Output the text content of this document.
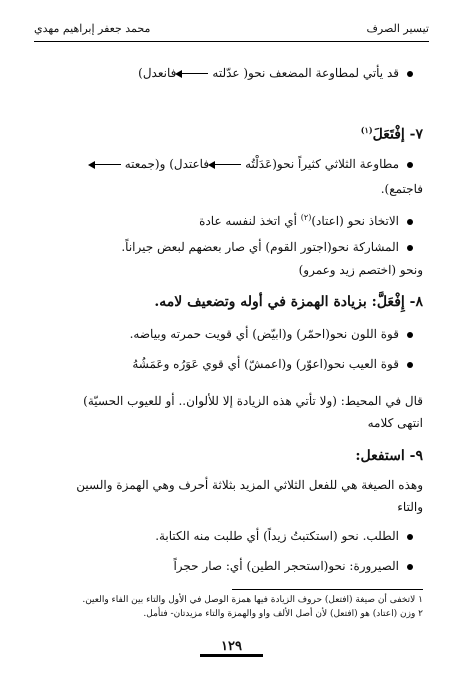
تيسير الصرف
محمد جعفر إبراهيم مهدي
قد يأتي لمطاوعة المضعف نحو( عدّلتهفانعدل)
٧- إفْتَعَلَ$^{(١)}$
مطاوعة الثلاثي كثيراً نحو(عَدَلْتُهفاعتدل) و(جمعته
فاجتمع).
الاتخاذ نحو (اعتاد)$^{(٢)}$ أي اتخذ لنفسه عادة
المشاركة نحو(اجتور القوم) أي صار بعضهم لبعض جيراناً.
ونحو (اختصم زيد وعمرو)
٨- إِفْعَلَّ: بزيادة الهمزة في أوله وتضعيف لامه.
قوة اللون نحو(احمّر) و(ابيّض) أي قويت حمرته وبياضه.
قوة العيب نحو(اعوّر) و(اعمشّ) أي قوي عَوَرُه وعَمَشُهُ
قال في المحيط: (ولا تأتي هذه الزيادة إلا للألوان.. أو للعيوب الحسيّة)
انتهى كلامه
٩- استفعل:
وهذه الصيغة هي للفعل الثلاثي المزيد بثلاثة أحرف وهي الهمزة والسين
والتاء
الطلب. نحو (استكتبتُ زيداً) أي طلبت منه الكتابة.
الصيرورة: نحو(استحجر الطين) أي: صار حجراً
١ لاتخفى أن صيغة (افتعل) حروف الزيادة فيها همزة الوصل في الأول والتاء بين الفاء والعين.
٢ وزن (اعتاد) هو (افتعل) لأن أصل الألف واو والهمزة والتاء مزيدتان- فتأمل.
١٢٩
